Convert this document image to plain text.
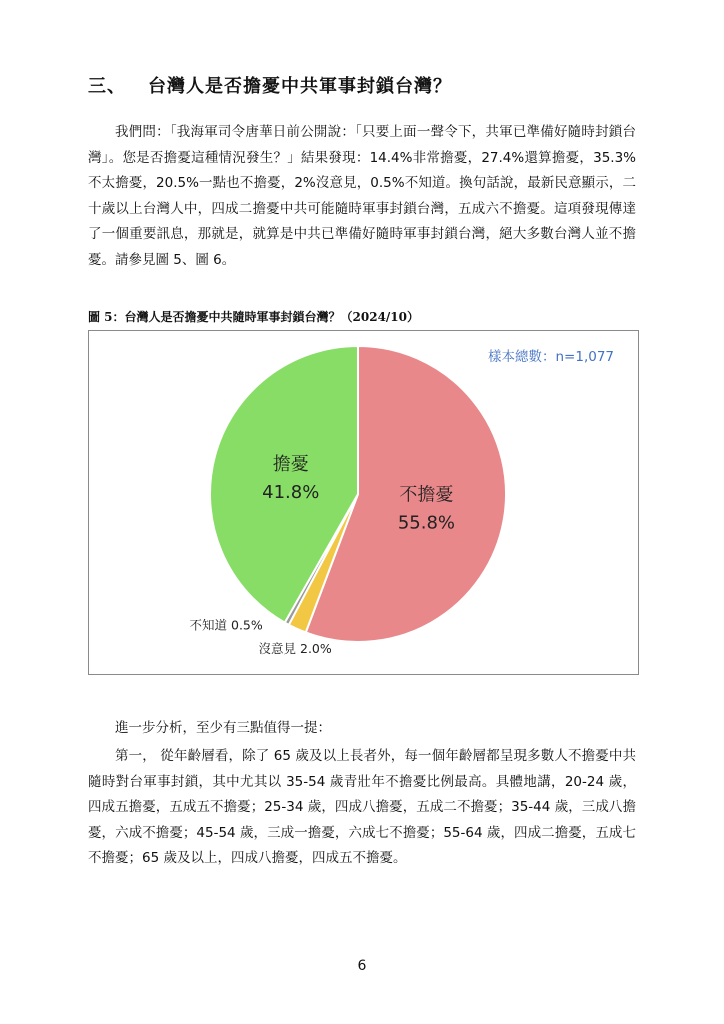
三、 台灣人是否擔憂中共軍事封鎖台灣？

我們問：「我海軍司令唐華日前公開說：「只要上面一聲令下，共軍已準備好隨時封鎖台灣」。您是否擔憂這種情況發生？」結果發現：14.4%非常擔憂，27.4%還算擔憂，35.3%不太擔憂，20.5%一點也不擔憂，2%沒意見，0.5%不知道。換句話說，最新民意顯示，二十歲以上台灣人中，四成二擔憂中共可能隨時軍事封鎖台灣，五成六不擔憂。這項發現傳達了一個重要訊息，那就是，就算是中共已準備好隨時軍事封鎖台灣，絕大多數台灣人並不擔憂。請參見圖 5、圖 6。

圖 5：台灣人是否擔憂中共隨時軍事封鎖台灣？（2024/10）
不擔憂
55.8%
擔憂
41.8%
沒意見 2.0%
不知道 0.5%
樣本總數：n=1,077

進一步分析，至少有三點值得一提：

第一， 從年齡層看，除了 65 歲及以上長者外，每一個年齡層都呈現多數人不擔憂中共隨時對台軍事封鎖，其中尤其以 35-54 歲青壯年不擔憂比例最高。具體地講，20-24 歲，四成五擔憂，五成五不擔憂；25-34 歲，四成八擔憂，五成二不擔憂；35-44 歲，三成八擔憂，六成不擔憂；45-54 歲，三成一擔憂，六成七不擔憂；55-64 歲，四成二擔憂，五成七不擔憂；65 歲及以上，四成八擔憂，四成五不擔憂。

6
